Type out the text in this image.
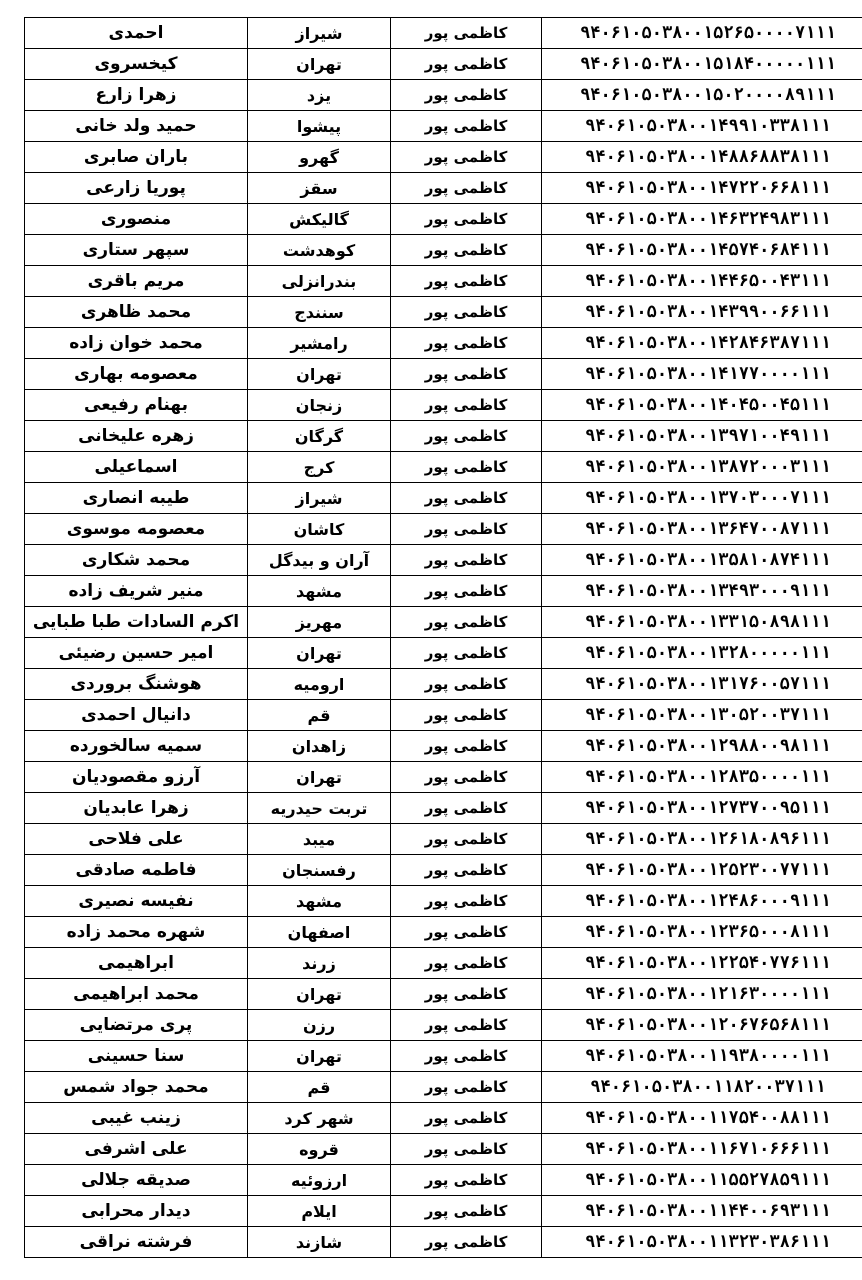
احمدی	شیراز	کاظمی پور	۹۴۰۶۱۰۵۰۳۸۰۰۱۵۲۶۵۰۰۰۰۷۱۱۱
کیخسروی	تهران	کاظمی پور	۹۴۰۶۱۰۵۰۳۸۰۰۱۵۱۸۴۰۰۰۰۰۱۱۱
زهرا زارع	یزد	کاظمی پور	۹۴۰۶۱۰۵۰۳۸۰۰۱۵۰۲۰۰۰۰۸۹۱۱۱
حمید ولد خانی	پیشوا	کاظمی پور	۹۴۰۶۱۰۵۰۳۸۰۰۱۴۹۹۱۰۳۳۸۱۱۱
باران صابری	گهرو	کاظمی پور	۹۴۰۶۱۰۵۰۳۸۰۰۱۴۸۸۶۸۸۳۸۱۱۱
پوریا زارعی	سقز	کاظمی پور	۹۴۰۶۱۰۵۰۳۸۰۰۱۴۷۲۲۰۶۶۸۱۱۱
منصوری	گالیکش	کاظمی پور	۹۴۰۶۱۰۵۰۳۸۰۰۱۴۶۳۲۴۹۸۳۱۱۱
سپهر ستاری	کوهدشت	کاظمی پور	۹۴۰۶۱۰۵۰۳۸۰۰۱۴۵۷۴۰۶۸۴۱۱۱
مریم باقری	بندرانزلی	کاظمی پور	۹۴۰۶۱۰۵۰۳۸۰۰۱۴۴۶۵۰۰۴۳۱۱۱
محمد ظاهری	سنندج	کاظمی پور	۹۴۰۶۱۰۵۰۳۸۰۰۱۴۳۹۹۰۰۶۶۱۱۱
محمد خوان زاده	رامشیر	کاظمی پور	۹۴۰۶۱۰۵۰۳۸۰۰۱۴۲۸۴۶۳۸۷۱۱۱
معصومه بهاری	تهران	کاظمی پور	۹۴۰۶۱۰۵۰۳۸۰۰۱۴۱۷۷۰۰۰۰۱۱۱
بهنام رفیعی	زنجان	کاظمی پور	۹۴۰۶۱۰۵۰۳۸۰۰۱۴۰۴۵۰۰۴۵۱۱۱
زهره علیخانی	گرگان	کاظمی پور	۹۴۰۶۱۰۵۰۳۸۰۰۱۳۹۷۱۰۰۴۹۱۱۱
اسماعیلی	کرج	کاظمی پور	۹۴۰۶۱۰۵۰۳۸۰۰۱۳۸۷۲۰۰۰۳۱۱۱
طیبه انصاری	شیراز	کاظمی پور	۹۴۰۶۱۰۵۰۳۸۰۰۱۳۷۰۳۰۰۰۷۱۱۱
معصومه موسوی	کاشان	کاظمی پور	۹۴۰۶۱۰۵۰۳۸۰۰۱۳۶۴۷۰۰۸۷۱۱۱
محمد شکاری	آران و بیدگل	کاظمی پور	۹۴۰۶۱۰۵۰۳۸۰۰۱۳۵۸۱۰۸۷۴۱۱۱
منیر شریف زاده	مشهد	کاظمی پور	۹۴۰۶۱۰۵۰۳۸۰۰۱۳۴۹۳۰۰۰۹۱۱۱
اکرم السادات طبا طبایی	مهریز	کاظمی پور	۹۴۰۶۱۰۵۰۳۸۰۰۱۳۳۱۵۰۸۹۸۱۱۱
امیر حسین رضیئی	تهران	کاظمی پور	۹۴۰۶۱۰۵۰۳۸۰۰۱۳۲۸۰۰۰۰۰۱۱۱
هوشنگ بروردی	ارومیه	کاظمی پور	۹۴۰۶۱۰۵۰۳۸۰۰۱۳۱۷۶۰۰۵۷۱۱۱
دانیال احمدی	قم	کاظمی پور	۹۴۰۶۱۰۵۰۳۸۰۰۱۳۰۵۲۰۰۳۷۱۱۱
سمیه سالخورده	زاهدان	کاظمی پور	۹۴۰۶۱۰۵۰۳۸۰۰۱۲۹۸۸۰۰۹۸۱۱۱
آرزو مقصودیان	تهران	کاظمی پور	۹۴۰۶۱۰۵۰۳۸۰۰۱۲۸۳۵۰۰۰۰۱۱۱
زهرا عابدیان	تربت حیدریه	کاظمی پور	۹۴۰۶۱۰۵۰۳۸۰۰۱۲۷۳۷۰۰۹۵۱۱۱
علی فلاحی	میبد	کاظمی پور	۹۴۰۶۱۰۵۰۳۸۰۰۱۲۶۱۸۰۸۹۶۱۱۱
فاطمه صادقی	رفسنجان	کاظمی پور	۹۴۰۶۱۰۵۰۳۸۰۰۱۲۵۲۳۰۰۷۷۱۱۱
نفیسه نصیری	مشهد	کاظمی پور	۹۴۰۶۱۰۵۰۳۸۰۰۱۲۴۸۶۰۰۰۹۱۱۱
شهره محمد زاده	اصفهان	کاظمی پور	۹۴۰۶۱۰۵۰۳۸۰۰۱۲۳۶۵۰۰۰۸۱۱۱
ابراهیمی	زرند	کاظمی پور	۹۴۰۶۱۰۵۰۳۸۰۰۱۲۲۵۴۰۷۷۶۱۱۱
محمد ابراهیمی	تهران	کاظمی پور	۹۴۰۶۱۰۵۰۳۸۰۰۱۲۱۶۳۰۰۰۰۱۱۱
پری مرتضایی	رزن	کاظمی پور	۹۴۰۶۱۰۵۰۳۸۰۰۱۲۰۶۷۶۵۶۸۱۱۱
سنا حسینی	تهران	کاظمی پور	۹۴۰۶۱۰۵۰۳۸۰۰۱۱۹۳۸۰۰۰۰۱۱۱
محمد جواد شمس	قم	کاظمی پور	۹۴۰۶۱۰۵۰۳۸۰۰۱۱۸۲۰۰۳۷۱۱۱
زینب غیبی	شهر کرد	کاظمی پور	۹۴۰۶۱۰۵۰۳۸۰۰۱۱۷۵۴۰۰۸۸۱۱۱
علی اشرفی	قروه	کاظمی پور	۹۴۰۶۱۰۵۰۳۸۰۰۱۱۶۷۱۰۶۶۶۱۱۱
صدیقه جلالی	ارزوئیه	کاظمی پور	۹۴۰۶۱۰۵۰۳۸۰۰۱۱۵۵۲۷۸۵۹۱۱۱
دیدار محرابی	ایلام	کاظمی پور	۹۴۰۶۱۰۵۰۳۸۰۰۱۱۴۴۰۰۶۹۳۱۱۱
فرشته نراقی	شازند	کاظمی پور	۹۴۰۶۱۰۵۰۳۸۰۰۱۱۳۲۳۰۳۸۶۱۱۱
